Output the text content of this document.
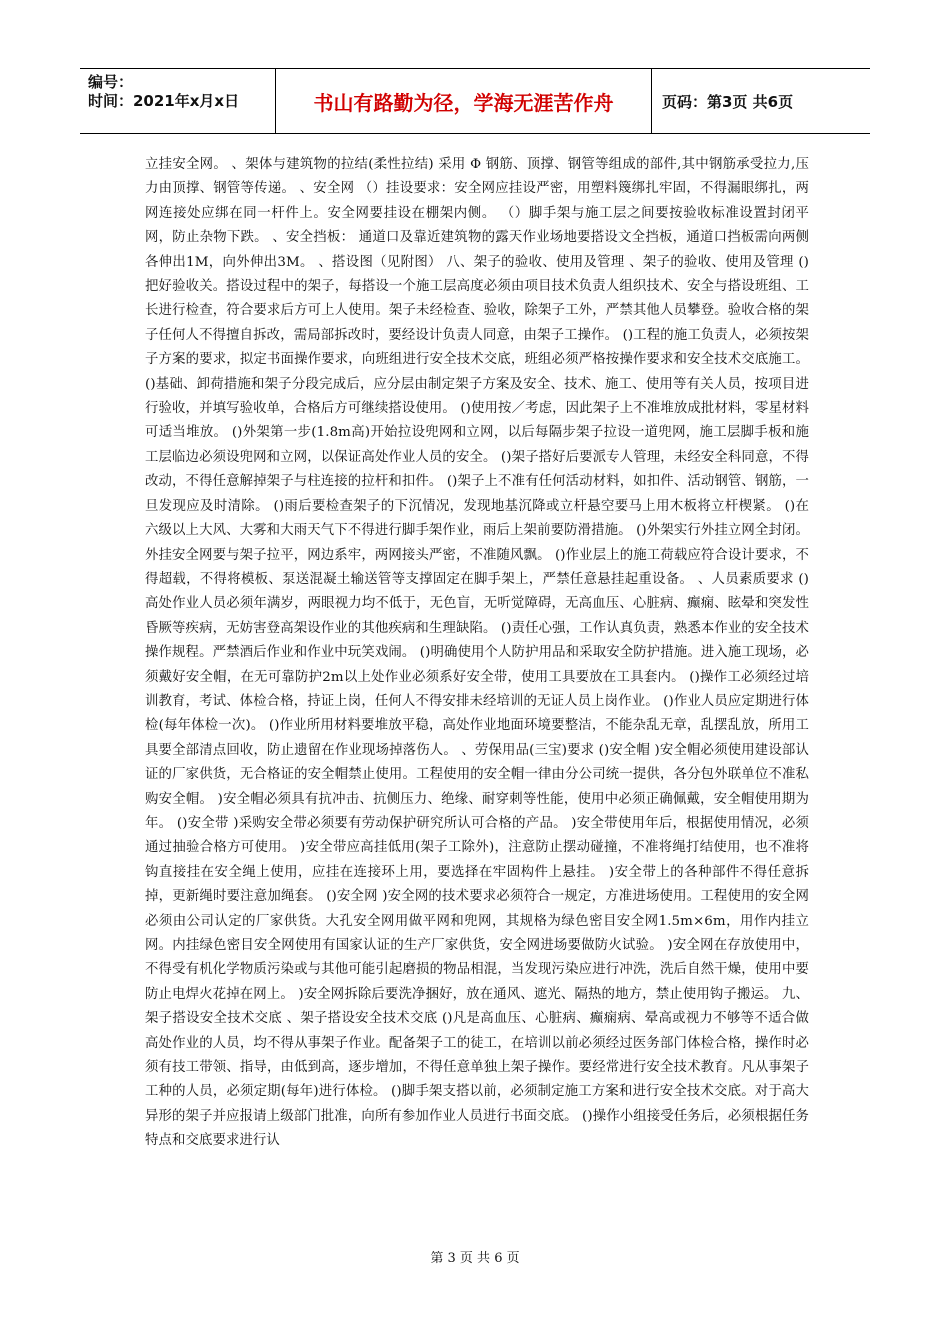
编号：
时间：2021年x月x日	书山有路勤为径，学海无涯苦作舟	页码：第3页 共6页

立挂安全网。 、架体与建筑物的拉结(柔性拉结) 采用 Φ 钢筋、顶撑、钢管等组成的部件,其中钢筋承受拉力,压力由顶撑、钢管等传递。 、安全网 （）挂设要求：安全网应挂设严密，用塑料篾绑扎牢固，不得漏眼绑扎，两网连接处应绑在同一杆件上。安全网要挂设在棚架内侧。 （）脚手架与施工层之间要按验收标准设置封闭平网，防止杂物下跌。 、安全挡板： 通道口及靠近建筑物的露天作业场地要搭设文全挡板，通道口挡板需向两侧各伸出1M，向外伸出3M。 、搭设图（见附图） 八、架子的验收、使用及管理 、架子的验收、使用及管理 ()把好验收关。搭设过程中的架子，每搭设一个施工层高度必须由项目技术负责人组织技术、安全与搭设班组、工长进行检查，符合要求后方可上人使用。架子未经检查、验收，除架子工外，严禁其他人员攀登。验收合格的架子任何人不得擅自拆改，需局部拆改时，要经设计负责人同意，由架子工操作。 ()工程的施工负责人，必须按架子方案的要求，拟定书面操作要求，向班组进行安全技术交底，班组必须严格按操作要求和安全技术交底施工。 ()基础、卸荷措施和架子分段完成后，应分层由制定架子方案及安全、技术、施工、使用等有关人员，按项目进行验收，并填写验收单，合格后方可继续搭设使用。 ()使用按／考虑，因此架子上不准堆放成批材料，零星材料可适当堆放。 ()外架第一步(1.8m高)开始拉设兜网和立网，以后每隔步架子拉设一道兜网，施工层脚手板和施工层临边必须设兜网和立网，以保证高处作业人员的安全。 ()架子搭好后要派专人管理，未经安全科同意，不得改动，不得任意解掉架子与柱连接的拉杆和扣件。 ()架子上不准有任何活动材料，如扣件、活动钢管、钢筋，一旦发现应及时清除。 ()雨后要检查架子的下沉情况，发现地基沉降或立杆悬空要马上用木板将立杆楔紧。 ()在六级以上大风、大雾和大雨天气下不得进行脚手架作业，雨后上架前要防滑措施。 ()外架实行外挂立网全封闭。外挂安全网要与架子拉平，网边系牢，两网接头严密，不准随风飘。 ()作业层上的施工荷载应符合设计要求，不得超载，不得将模板、泵送混凝土输送管等支撑固定在脚手架上，严禁任意悬挂起重设备。 、人员素质要求 ()高处作业人员必须年满岁，两眼视力均不低于，无色盲，无听觉障碍，无高血压、心脏病、癫痫、眩晕和突发性昏厥等疾病，无妨害登高架设作业的其他疾病和生理缺陷。 ()责任心强，工作认真负责，熟悉本作业的安全技术操作规程。严禁酒后作业和作业中玩笑戏闹。 ()明确使用个人防护用品和采取安全防护措施。进入施工现场，必须戴好安全帽，在无可靠防护2m以上处作业必须系好安全带，使用工具要放在工具套内。 ()操作工必须经过培训教育，考试、体检合格，持证上岗，任何人不得安排未经培训的无证人员上岗作业。 ()作业人员应定期进行体检(每年体检一次)。 ()作业所用材料要堆放平稳，高处作业地面环境要整洁，不能杂乱无章，乱摆乱放，所用工具要全部清点回收，防止遗留在作业现场掉落伤人。 、劳保用品(三宝)要求 ()安全帽 )安全帽必须使用建设部认证的厂家供货，无合格证的安全帽禁止使用。工程使用的安全帽一律由分公司统一提供，各分包外联单位不准私购安全帽。 )安全帽必须具有抗冲击、抗侧压力、绝缘、耐穿刺等性能，使用中必须正确佩戴，安全帽使用期为年。 ()安全带 )采购安全带必须要有劳动保护研究所认可合格的产品。 )安全带使用年后，根据使用情况，必须通过抽验合格方可使用。 )安全带应高挂低用(架子工除外)，注意防止摆动碰撞，不准将绳打结使用，也不准将钩直接挂在安全绳上使用，应挂在连接环上用，要选择在牢固构件上悬挂。 )安全带上的各种部件不得任意拆掉，更新绳时要注意加绳套。 ()安全网 )安全网的技术要求必须符合一规定，方准进场使用。工程使用的安全网必须由公司认定的厂家供货。大孔安全网用做平网和兜网，其规格为绿色密目安全网1.5m×6m，用作内挂立网。内挂绿色密目安全网使用有国家认证的生产厂家供货，安全网进场要做防火试验。 )安全网在存放使用中，不得受有机化学物质污染或与其他可能引起磨损的物品相混，当发现污染应进行冲洗，洗后自然干燥，使用中要防止电焊火花掉在网上。 )安全网拆除后要洗净捆好，放在通风、遮光、隔热的地方，禁止使用钩子搬运。 九、架子搭设安全技术交底 、架子搭设安全技术交底 ()凡是高血压、心脏病、癫痫病、晕高或视力不够等不适合做高处作业的人员，均不得从事架子作业。配备架子工的徒工，在培训以前必须经过医务部门体检合格，操作时必须有技工带领、指导，由低到高，逐步增加，不得任意单独上架子操作。要经常进行安全技术教育。凡从事架子工种的人员，必须定期(每年)进行体检。 ()脚手架支搭以前，必须制定施工方案和进行安全技术交底。对于高大异形的架子并应报请上级部门批准，向所有参加作业人员进行书面交底。 ()操作小组接受任务后，必须根据任务特点和交底要求进行认

第 3 页 共 6 页
